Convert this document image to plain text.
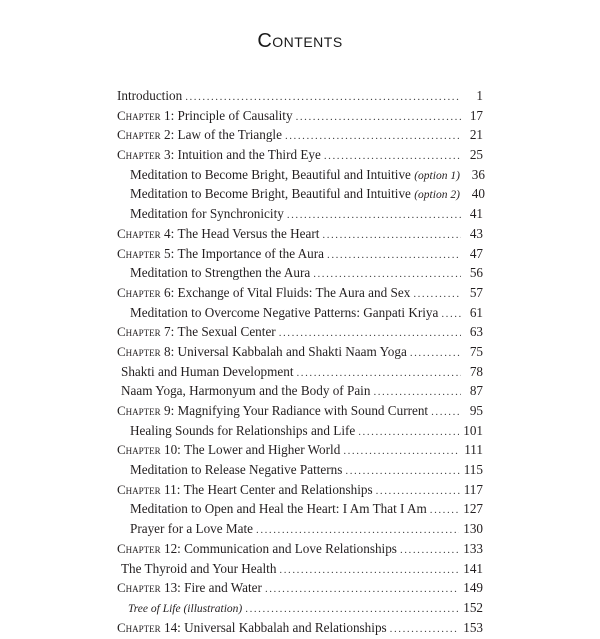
Contents
Introduction . . .	1
Chapter 1: Principle of Causality . . .	17
Chapter 2: Law of the Triangle . . .	21
Chapter 3: Intuition and the Third Eye . . .	25
Meditation to Become Bright, Beautiful and Intuitive (option 1) 36
Meditation to Become Bright, Beautiful and Intuitive (option 2) 40
Meditation for Synchronicity . . .	41
Chapter 4: The Head Versus the Heart . . .	43
Chapter 5: The Importance of the Aura . . .	47
Meditation to Strengthen the Aura . . .	56
Chapter 6: Exchange of Vital Fluids: The Aura and Sex . . .	57
Meditation to Overcome Negative Patterns: Ganpati Kriya . . .	61
Chapter 7: The Sexual Center . . .	63
Chapter 8: Universal Kabbalah and Shakti Naam Yoga . . .	75
Shakti and Human Development . . .	78
Naam Yoga, Harmonyum and the Body of Pain . . .	87
Chapter 9: Magnifying Your Radiance with Sound Current . . .	95
Healing Sounds for Relationships and Life . . .	101
Chapter 10: The Lower and Higher World . . .	111
Meditation to Release Negative Patterns . . .	115
Chapter 11: The Heart Center and Relationships . . .	117
Meditation to Open and Heal the Heart: I Am That I Am . . .	127
Prayer for a Love Mate . . .	130
Chapter 12: Communication and Love Relationships . . .	133
The Thyroid and Your Health . . .	141
Chapter 13: Fire and Water . . .	149
Tree of Life (illustration) . . .	152
Chapter 14: Universal Kabbalah and Relationships . . .	153
